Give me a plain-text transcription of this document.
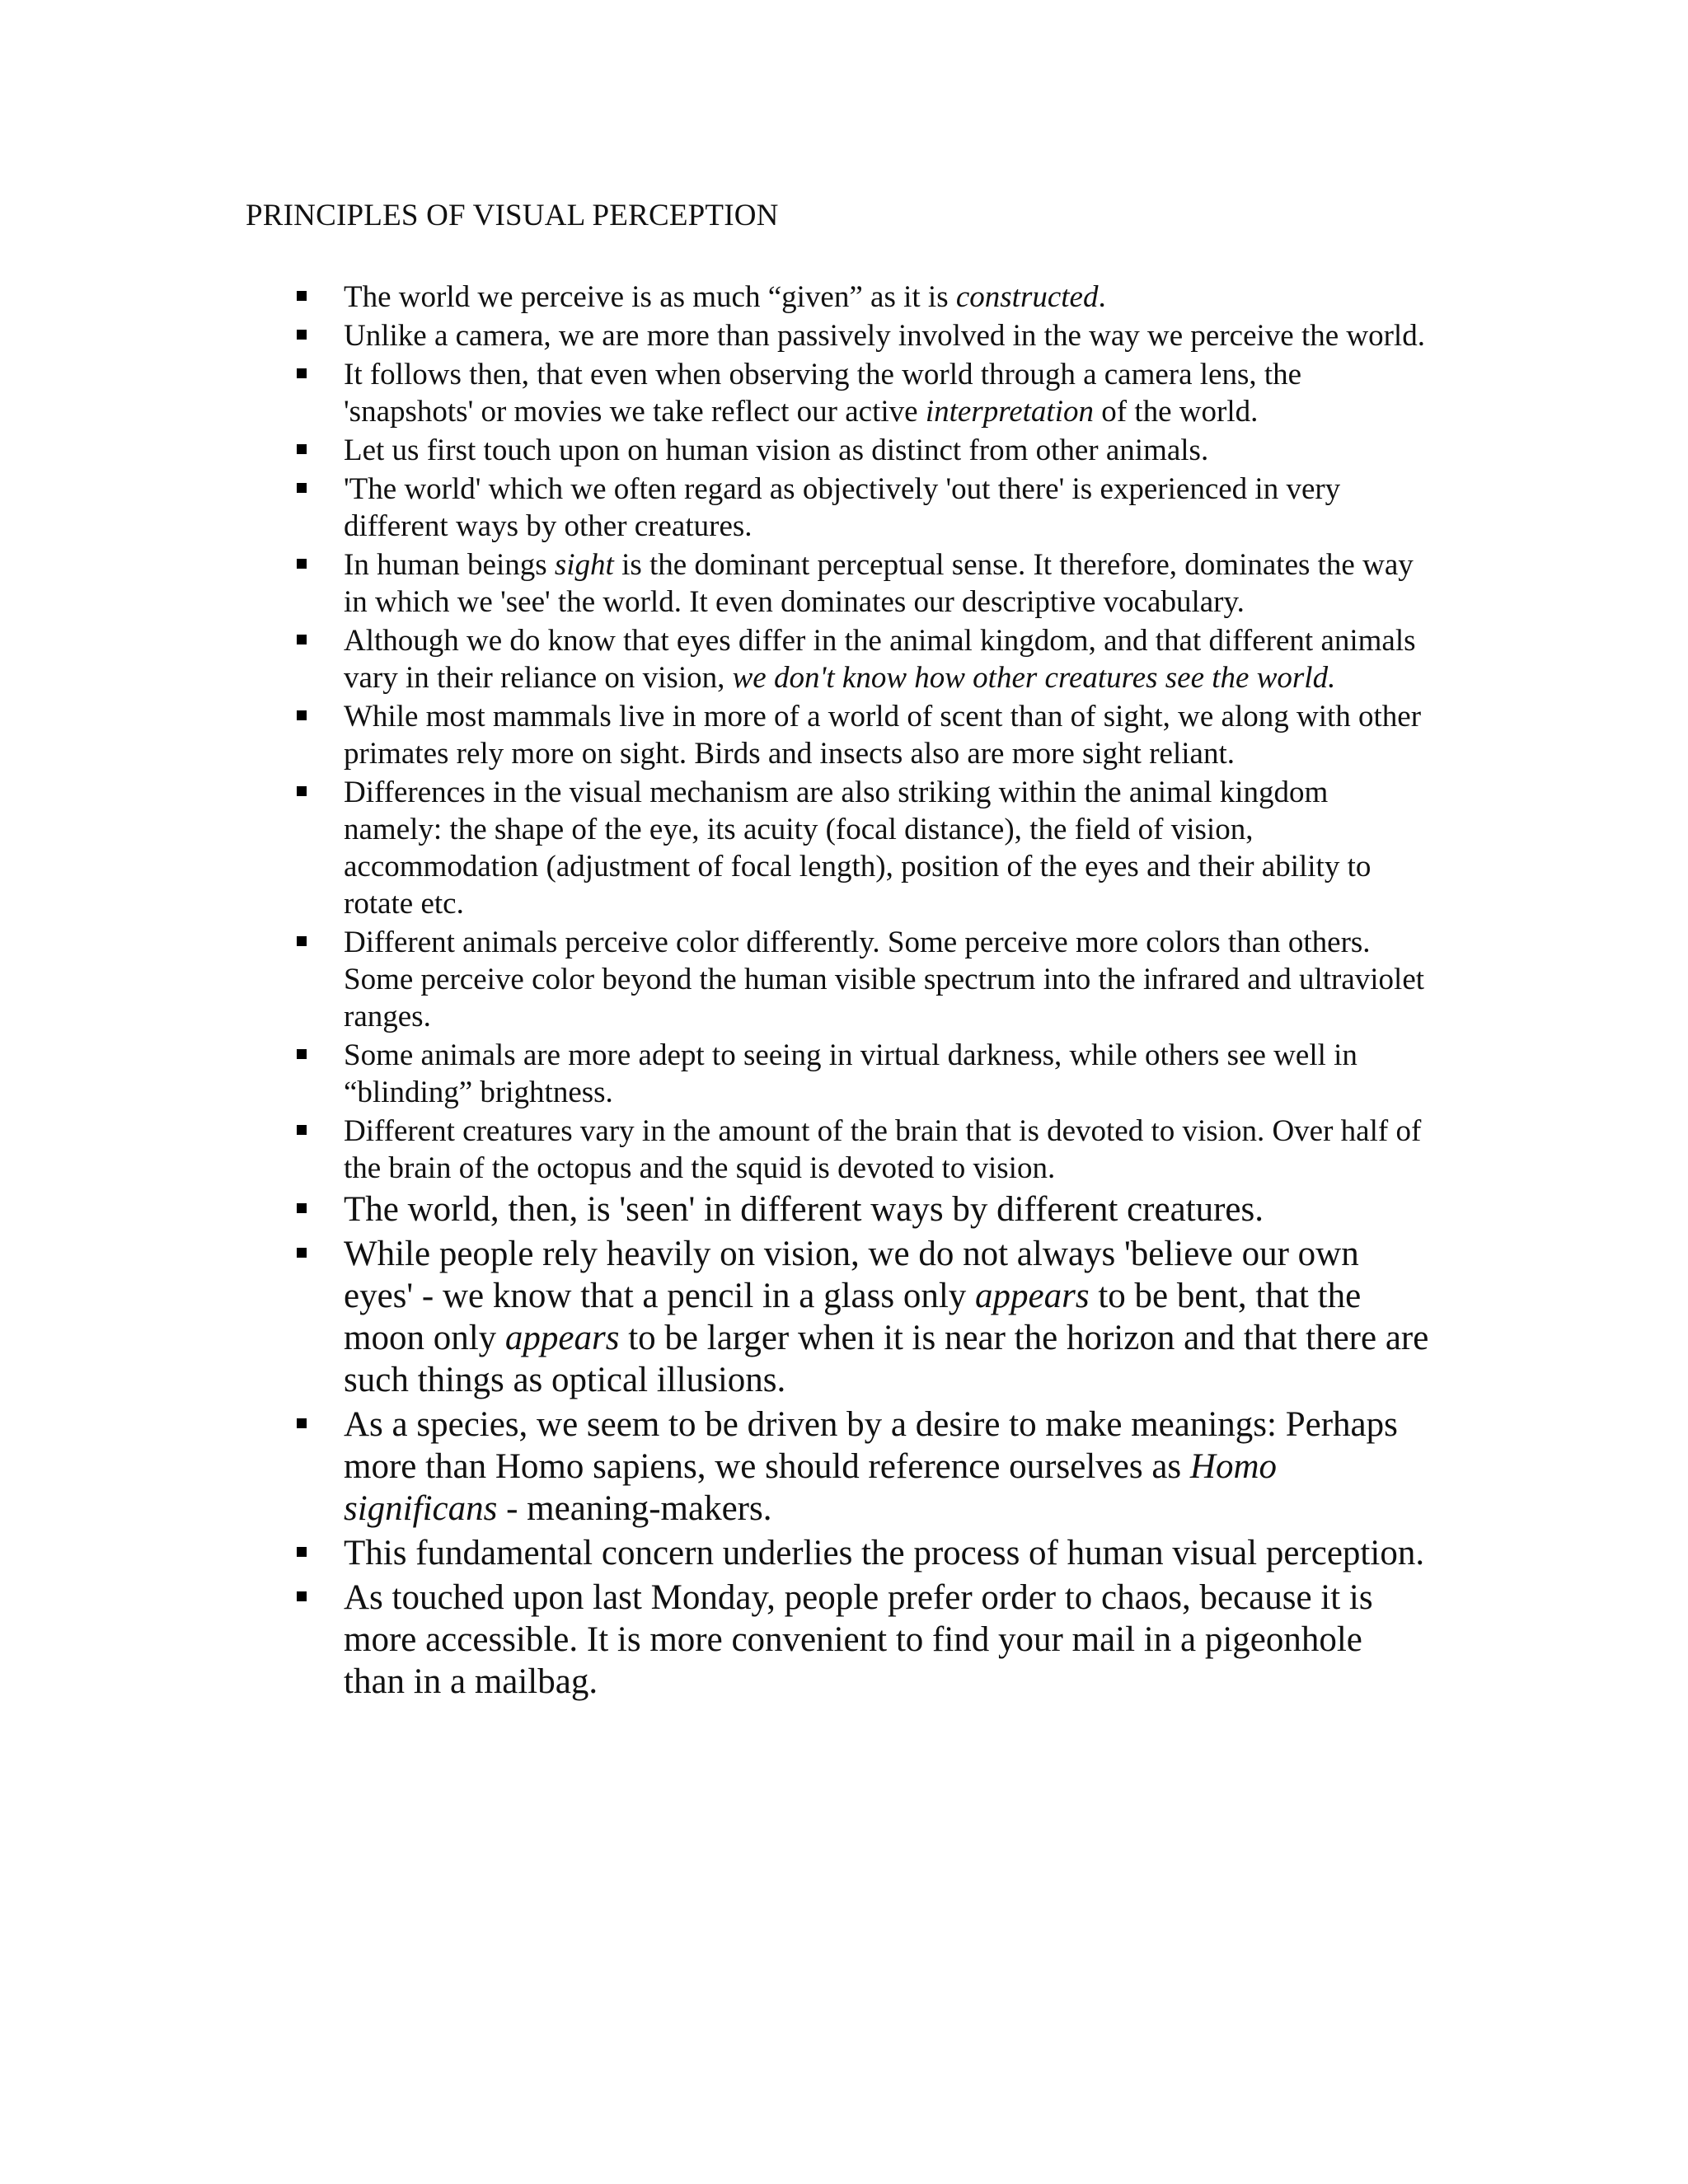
PRINCIPLES OF VISUAL PERCEPTION
The world we perceive is as much “given” as it is constructed.
Unlike a camera, we are more than passively involved in the way we perceive the world.
It follows then, that even when observing the world through a camera lens, the 'snapshots' or movies we take reflect our active interpretation of the world.
Let us first touch upon on human vision as distinct from other animals.
'The world' which we often regard as objectively 'out there' is experienced in very different ways by other creatures.
In human beings sight is the dominant perceptual sense. It therefore, dominates the way in which we 'see' the world. It even dominates our descriptive vocabulary.
Although we do know that eyes differ in the animal kingdom, and that different animals vary in their reliance on vision, we don't know how other creatures see the world.
While most mammals live in more of a world of scent than of sight, we along with other primates rely more on sight. Birds and insects also are more sight reliant.
Differences in the visual mechanism are also striking within the animal kingdom namely: the shape of the eye, its acuity (focal distance), the field of vision, accommodation (adjustment of focal length), position of the eyes and their ability to rotate etc.
Different animals perceive color differently. Some perceive more colors than others. Some perceive color beyond the human visible spectrum into the infrared and ultraviolet ranges.
Some animals are more adept to seeing in virtual darkness, while others see well in “blinding” brightness.
Different creatures vary in the amount of the brain that is devoted to vision. Over half of the brain of the octopus and the squid is devoted to vision.
The world, then, is 'seen' in different ways by different creatures.
While people rely heavily on vision, we do not always 'believe our own eyes' - we know that a pencil in a glass only appears to be bent, that the moon only appears to be larger when it is near the horizon and that there are such things as optical illusions.
As a species, we seem to be driven by a desire to make meanings: Perhaps more than Homo sapiens, we should reference ourselves as Homo significans - meaning-makers.
This fundamental concern underlies the process of human visual perception.
As touched upon last Monday, people prefer order to chaos, because it is more accessible. It is more convenient to find your mail in a pigeonhole than in a mailbag.
